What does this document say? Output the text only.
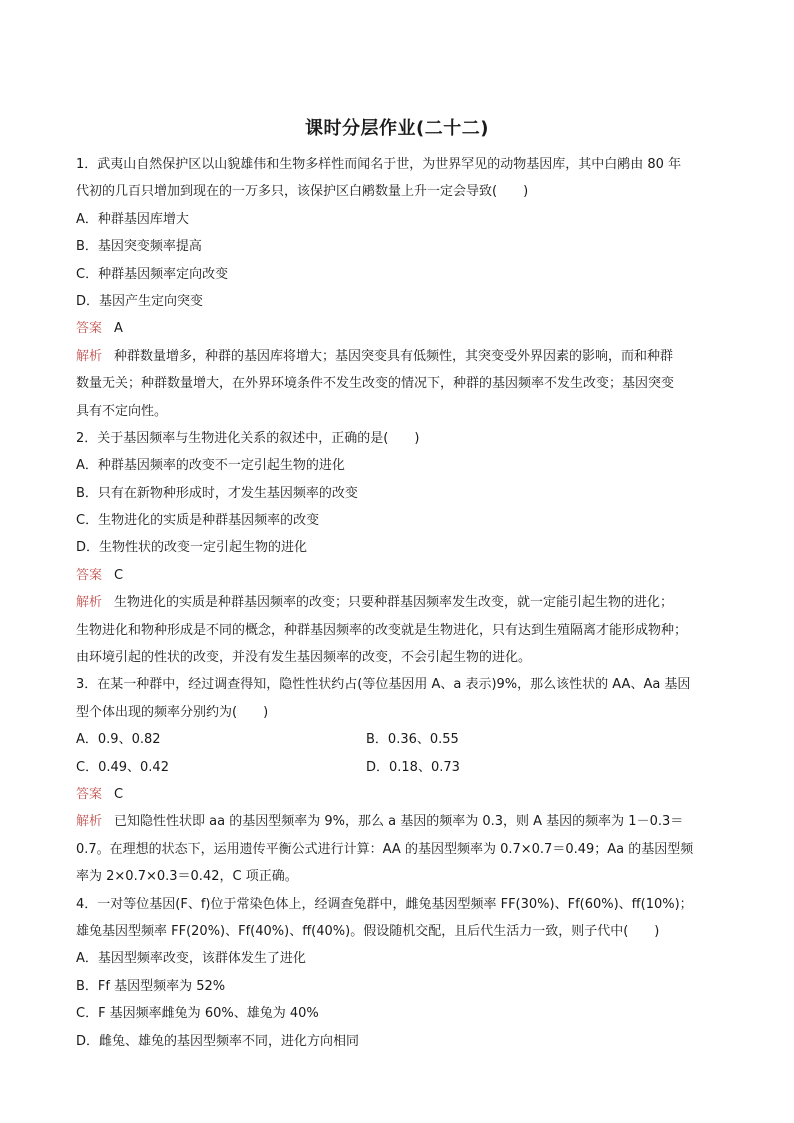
课时分层作业(二十二)
1．武夷山自然保护区以山貌雄伟和生物多样性而闻名于世，为世界罕见的动物基因库，其中白鹇由 80 年
代初的几百只增加到现在的一万多只，该保护区白鹇数量上升一定会导致(　　)
A．种群基因库增大
B．基因突变频率提高
C．种群基因频率定向改变
D．基因产生定向突变
答案 A
解析 种群数量增多，种群的基因库将增大；基因突变具有低频性，其突变受外界因素的影响，而和种群
数量无关；种群数量增大，在外界环境条件不发生改变的情况下，种群的基因频率不发生改变；基因突变
具有不定向性。
2．关于基因频率与生物进化关系的叙述中，正确的是(　　)
A．种群基因频率的改变不一定引起生物的进化
B．只有在新物种形成时，才发生基因频率的改变
C．生物进化的实质是种群基因频率的改变
D．生物性状的改变一定引起生物的进化
答案 C
解析 生物进化的实质是种群基因频率的改变；只要种群基因频率发生改变，就一定能引起生物的进化；
生物进化和物种形成是不同的概念，种群基因频率的改变就是生物进化，只有达到生殖隔离才能形成物种；
由环境引起的性状的改变，并没有发生基因频率的改变，不会引起生物的进化。
3．在某一种群中，经过调查得知，隐性性状约占(等位基因用 A、a 表示)9%，那么该性状的 AA、Aa 基因
型个体出现的频率分别约为(　　)
A．0.9、0.82	B．0.36、0.55
C．0.49、0.42	D．0.18、0.73
答案 C
解析 已知隐性性状即 aa 的基因型频率为 9%，那么 a 基因的频率为 0.3，则 A 基因的频率为 1－0.3＝
0.7。在理想的状态下，运用遗传平衡公式进行计算：AA 的基因型频率为 0.7×0.7＝0.49；Aa 的基因型频
率为 2×0.7×0.3＝0.42，C 项正确。
4．一对等位基因(F、f)位于常染色体上，经调查兔群中，雌兔基因型频率 FF(30%)、Ff(60%)、ff(10%)；
雄兔基因型频率 FF(20%)、Ff(40%)、ff(40%)。假设随机交配，且后代生活力一致，则子代中(　　)
A．基因型频率改变，该群体发生了进化
B．Ff 基因型频率为 52%
C．F 基因频率雌兔为 60%、雄兔为 40%
D．雌兔、雄兔的基因型频率不同，进化方向相同
